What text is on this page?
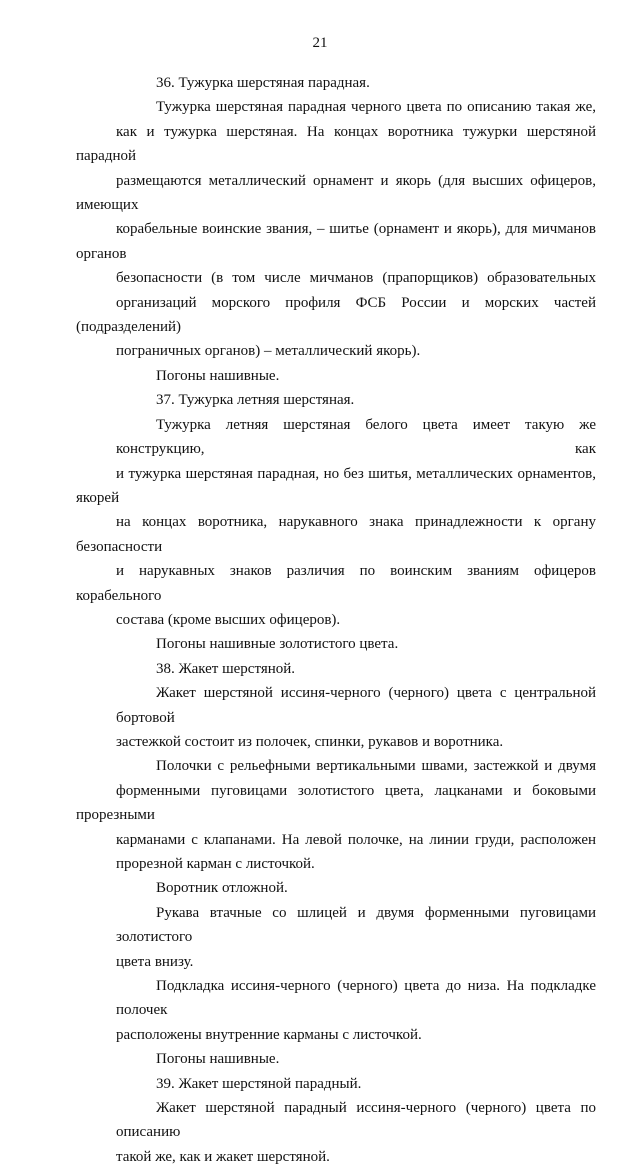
21
36. Тужурка шерстяная парадная.
Тужурка шерстяная парадная черного цвета по описанию такая же,
как и тужурка шерстяная. На концах воротника тужурки шерстяной парадной
размещаются металлический орнамент и якорь (для высших офицеров, имеющих
корабельные воинские звания, – шитье (орнамент и якорь), для мичманов органов
безопасности (в том числе мичманов (прапорщиков) образовательных
организаций морского профиля ФСБ России и морских частей (подразделений)
пограничных органов) – металлический якорь).
Погоны нашивные.
37. Тужурка летняя шерстяная.
Тужурка летняя шерстяная белого цвета имеет такую же конструкцию, как
и тужурка шерстяная парадная, но без шитья, металлических орнаментов, якорей
на концах воротника, нарукавного знака принадлежности к органу безопасности
и нарукавных знаков различия по воинским званиям офицеров корабельного
состава (кроме высших офицеров).
Погоны нашивные золотистого цвета.
38. Жакет шерстяной.
Жакет шерстяной иссиня-черного (черного) цвета с центральной бортовой
застежкой состоит из полочек, спинки, рукавов и воротника.
Полочки с рельефными вертикальными швами, застежкой и двумя
форменными пуговицами золотистого цвета, лацканами и боковыми прорезными
карманами с клапанами. На левой полочке, на линии груди, расположен
прорезной карман с листочкой.
Воротник отложной.
Рукава втачные со шлицей и двумя форменными пуговицами золотистого
цвета внизу.
Подкладка иссиня-черного (черного) цвета до низа. На подкладке полочек
расположены внутренние карманы с листочкой.
Погоны нашивные.
39. Жакет шерстяной парадный.
Жакет шерстяной парадный иссиня-черного (черного) цвета по описанию
такой же, как и жакет шерстяной.
